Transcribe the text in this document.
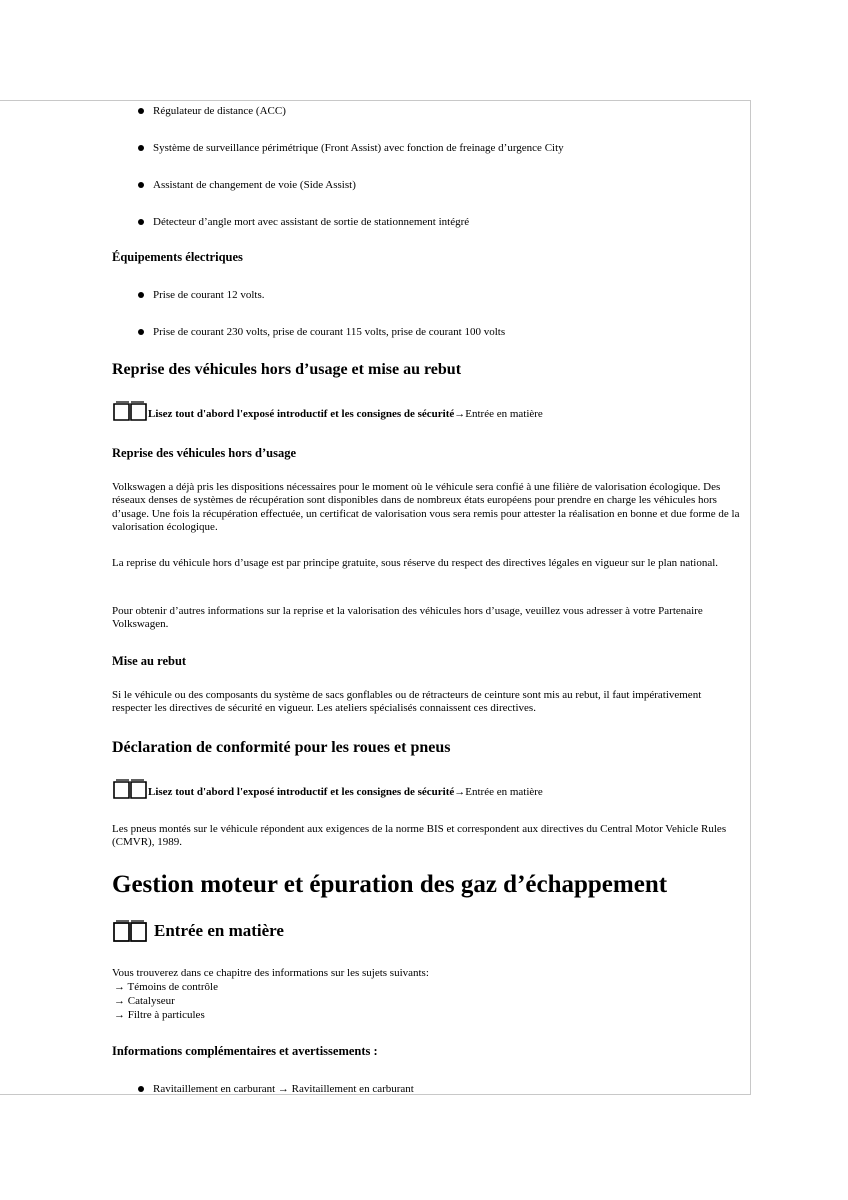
Régulateur de distance (ACC)
Système de surveillance périmétrique (Front Assist) avec fonction de freinage d’urgence City
Assistant de changement de voie (Side Assist)
Détecteur d’angle mort avec assistant de sortie de stationnement intégré
Équipements électriques
Prise de courant 12 volts.
Prise de courant 230 volts, prise de courant 115 volts, prise de courant 100 volts
Reprise des véhicules hors d’usage et mise au rebut
Lisez tout d'abord l'exposé introductif et les consignes de sécurité →Entrée en matière
Reprise des véhicules hors d’usage
Volkswagen a déjà pris les dispositions nécessaires pour le moment où le véhicule sera confié à une filière de valorisation écologique. Des réseaux denses de systèmes de récupération sont disponibles dans de nombreux états européens pour prendre en charge les véhicules hors d’usage. Une fois la récupération effectuée, un certificat de valorisation vous sera remis pour attester la réalisation en bonne et due forme de la valorisation écologique.
La reprise du véhicule hors d’usage est par principe gratuite, sous réserve du respect des directives légales en vigueur sur le plan national.
Pour obtenir d’autres informations sur la reprise et la valorisation des véhicules hors d’usage, veuillez vous adresser à votre Partenaire Volkswagen.
Mise au rebut
Si le véhicule ou des composants du système de sacs gonflables ou de rétracteurs de ceinture sont mis au rebut, il faut impérativement respecter les directives de sécurité en vigueur. Les ateliers spécialisés connaissent ces directives.
Déclaration de conformité pour les roues et pneus
Lisez tout d'abord l'exposé introductif et les consignes de sécurité →Entrée en matière
Les pneus montés sur le véhicule répondent aux exigences de la norme BIS et correspondent aux directives du Central Motor Vehicle Rules (CMVR), 1989.
Gestion moteur et épuration des gaz d’échappement
Entrée en matière
Vous trouverez dans ce chapitre des informations sur les sujets suivants:
→ Témoins de contrôle
→ Catalyseur
→ Filtre à particules
Informations complémentaires et avertissements :
Ravitaillement en carburant → Ravitaillement en carburant
